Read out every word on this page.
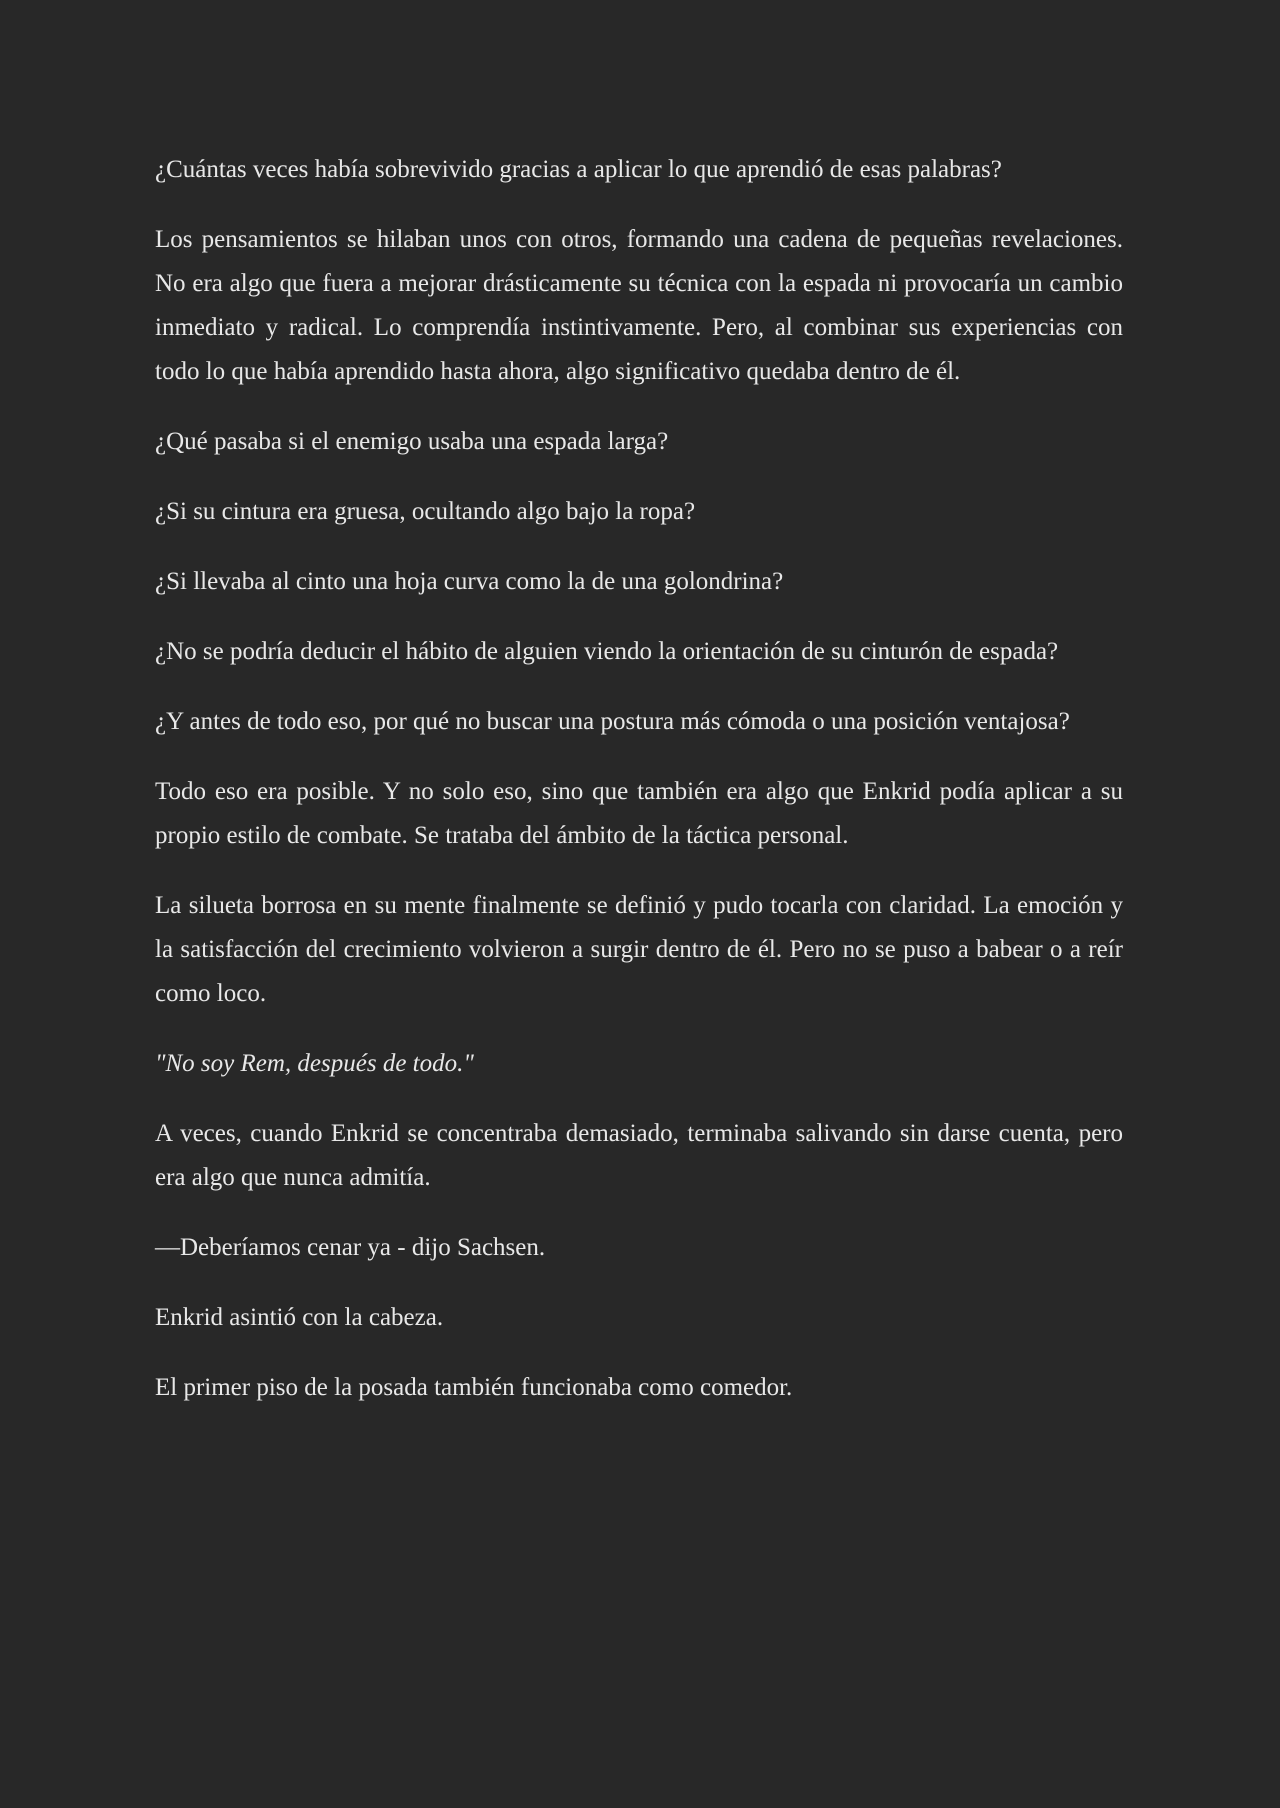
¿Cuántas veces había sobrevivido gracias a aplicar lo que aprendió de esas palabras?

Los pensamientos se hilaban unos con otros, formando una cadena de pequeñas revelaciones. No era algo que fuera a mejorar drásticamente su técnica con la espada ni provocaría un cambio inmediato y radical. Lo comprendía instintivamente. Pero, al combinar sus experiencias con todo lo que había aprendido hasta ahora, algo significativo quedaba dentro de él.

¿Qué pasaba si el enemigo usaba una espada larga?

¿Si su cintura era gruesa, ocultando algo bajo la ropa?

¿Si llevaba al cinto una hoja curva como la de una golondrina?

¿No se podría deducir el hábito de alguien viendo la orientación de su cinturón de espada?

¿Y antes de todo eso, por qué no buscar una postura más cómoda o una posición ventajosa?

Todo eso era posible. Y no solo eso, sino que también era algo que Enkrid podía aplicar a su propio estilo de combate. Se trataba del ámbito de la táctica personal.

La silueta borrosa en su mente finalmente se definió y pudo tocarla con claridad. La emoción y la satisfacción del crecimiento volvieron a surgir dentro de él. Pero no se puso a babear o a reír como loco.

"No soy Rem, después de todo."

A veces, cuando Enkrid se concentraba demasiado, terminaba salivando sin darse cuenta, pero era algo que nunca admitía.

—Deberíamos cenar ya - dijo Sachsen.

Enkrid asintió con la cabeza.

El primer piso de la posada también funcionaba como comedor.
